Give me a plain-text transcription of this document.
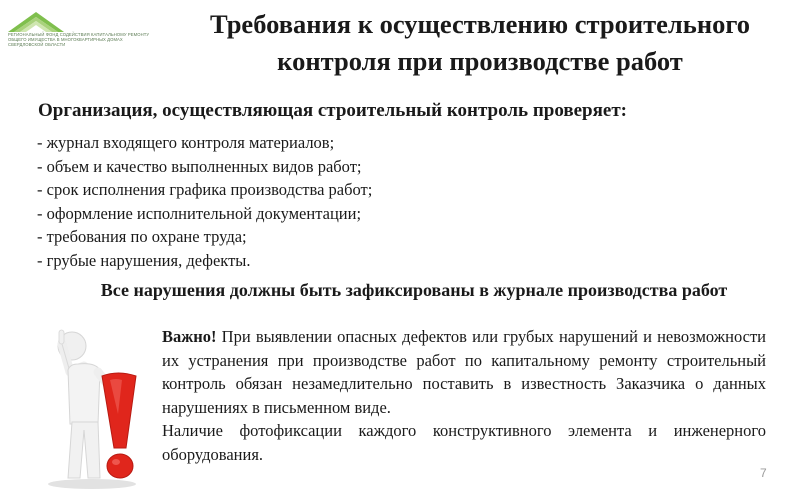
РЕГИОНАЛЬНЫЙ ФОНД СОДЕЙСТВИЯ КАПИТАЛЬНОМУ РЕМОНТУ ОБЩЕГО ИМУЩЕСТВА В МНОГОКВАРТИРНЫХ ДОМАХ СВЕРДЛОВСКОЙ ОБЛАСТИ
Требования к осуществлению строительного контроля при производстве работ
Организация, осуществляющая строительный контроль проверяет:
- журнал входящего контроля материалов;
- объем и качество выполненных видов работ;
- срок исполнения графика производства работ;
- оформление исполнительной документации;
- требования по охране труда;
- грубые нарушения, дефекты.
Все нарушения должны быть зафиксированы в журнале производства работ

Важно! При выявлении опасных дефектов или грубых нарушений и невозможности их устранения при производстве работ по капитальному ремонту строительный контроль обязан незамедлительно поставить в известность Заказчика о данных нарушениях в письменном виде.

Наличие фотофиксации каждого конструктивного элемента и инженерного оборудования.

7
